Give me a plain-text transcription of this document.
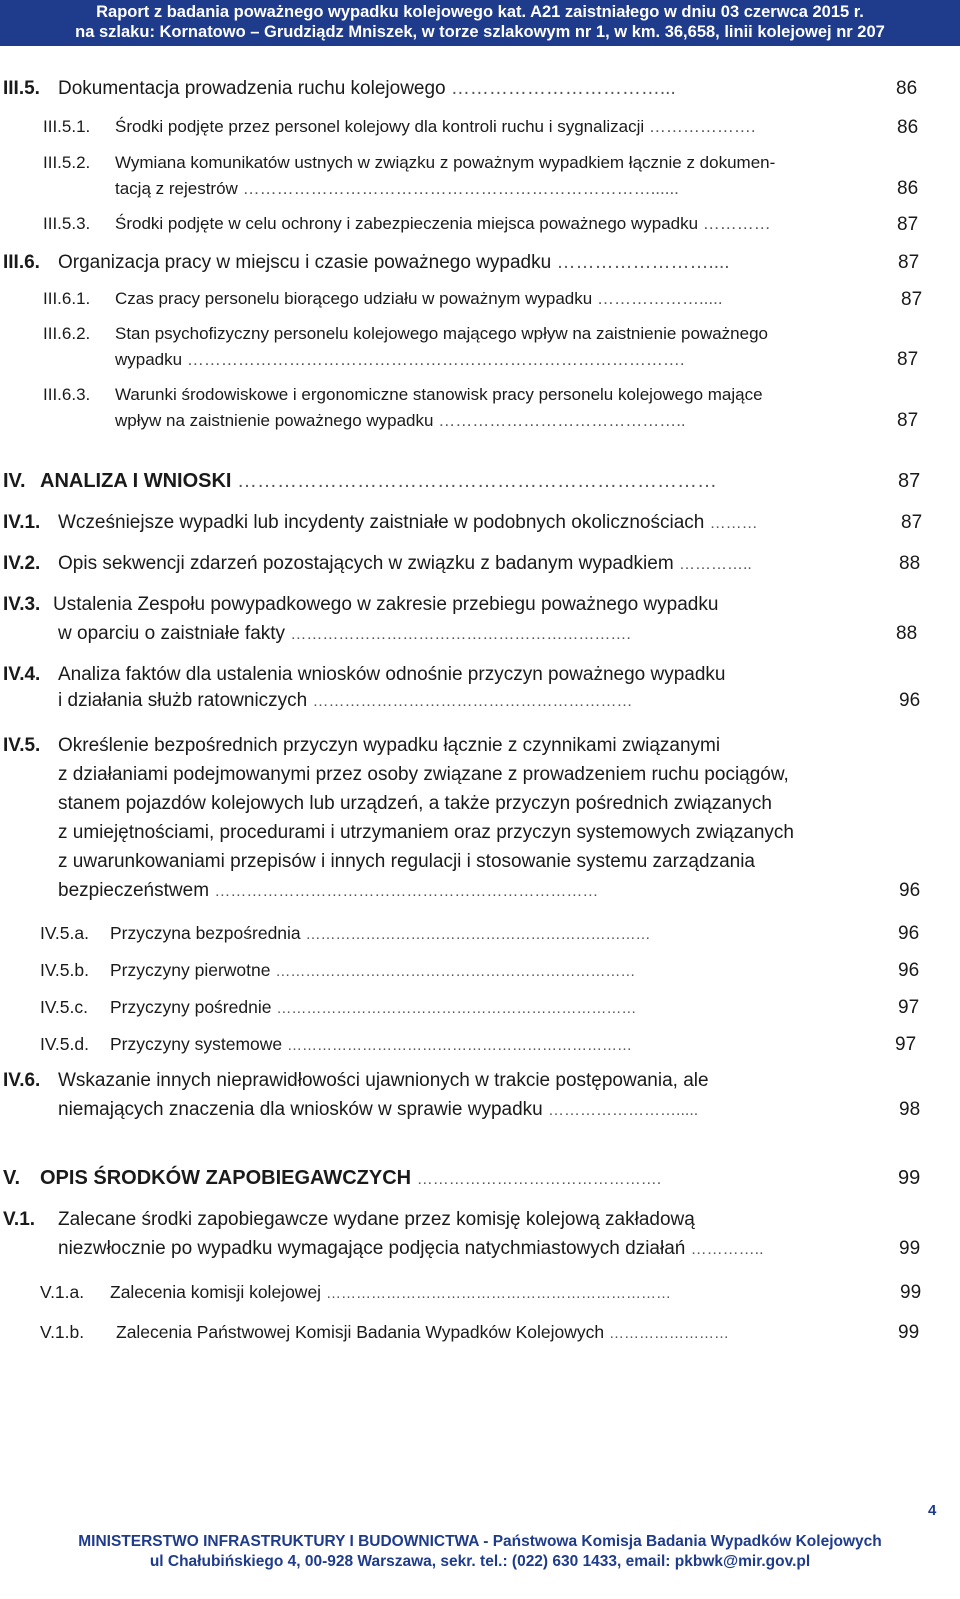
Raport z badania poważnego wypadku kolejowego kat. A21 zaistniałego w dniu 03 czerwca 2015 r.
na szlaku: Kornatowo – Grudziądz Mniszek, w torze szlakowym nr 1, w km. 36,658, linii kolejowej nr 207
III.5. Dokumentacja prowadzenia ruchu kolejowego ……………………………...	86
III.5.1. Środki podjęte przez personel kolejowy dla kontroli ruchu i sygnalizacji ……………….	86
III.5.2. Wymiana komunikatów ustnych w związku z poważnym wypadkiem łącznie z dokumen-
tacją z rejestrów ………………………………………………………………......	86
III.5.3. Środki podjęte w celu ochrony i zabezpieczenia miejsca poważnego wypadku …………	87
III.6. Organizacja pracy w miejscu i czasie poważnego wypadku ……………………....	87
III.6.1. Czas pracy personelu biorącego udziału w poważnym wypadku ……………….....	87
III.6.2. Stan psychofizyczny personelu kolejowego mającego wpływ na zaistnienie poważnego
wypadku …………………………………………………………………………….	87
III.6.3. Warunki środowiskowe i ergonomiczne stanowisk pracy personelu kolejowego mające
wpływ na zaistnienie poważnego wypadku ……………………………………..	87
IV. ANALIZA I WNIOSKI ………………………………………………………………	87
IV.1. Wcześniejsze wypadki lub incydenty zaistniałe w podobnych okolicznościach ………	87
IV.2. Opis sekwencji zdarzeń pozostających w związku z badanym wypadkiem …………..	88
IV.3. Ustalenia Zespołu powypadkowego w zakresie przebiegu poważnego wypadku
w oparciu o zaistniałe fakty ……………………………………………………….	88
IV.4. Analiza faktów dla ustalenia wniosków odnośnie przyczyn poważnego wypadku
i działania służb ratowniczych ……………………………………………………	96
IV.5. Określenie bezpośrednich przyczyn wypadku łącznie z czynnikami związanymi
z działaniami podejmowanymi przez osoby związane z prowadzeniem ruchu pociągów,
stanem pojazdów kolejowych lub urządzeń, a także przyczyn pośrednich związanych
z umiejętnościami, procedurami i utrzymaniem oraz przyczyn systemowych związanych
z uwarunkowaniami przepisów i innych regulacji i stosowanie systemu zarządzania
bezpieczeństwem ………………………………………………………………	96
IV.5.a. Przyczyna bezpośrednia ……………………………………………………………	96
IV.5.b. Przyczyny pierwotne ………………………………………………………………	96
IV.5.c. Przyczyny pośrednie ………………………………………………………………	97
IV.5.d. Przyczyny systemowe ……………………………………………………………	97
IV.6. Wskazanie innych nieprawidłowości ujawnionych w trakcie postępowania, ale
niemających znaczenia dla wniosków w sprawie wypadku …………………….....	98
V. OPIS ŚRODKÓW ZAPOBIEGAWCZYCH ……………………………………….	99
V.1. Zalecane środki zapobiegawcze wydane przez komisję kolejową zakładową
niezwłocznie po wypadku wymagające podjęcia natychmiastowych działań …………..	99
V.1.a. Zalecenia komisji kolejowej ……………………………………………………………	99
V.1.b. Zalecenia Państwowej Komisji Badania Wypadków Kolejowych ……………………	99
4
MINISTERSTWO INFRASTRUKTURY I BUDOWNICTWA - Państwowa Komisja Badania Wypadków Kolejowych
ul Chałubińskiego 4, 00-928 Warszawa, sekr. tel.: (022) 630 1433, email: pkbwk@mir.gov.pl
